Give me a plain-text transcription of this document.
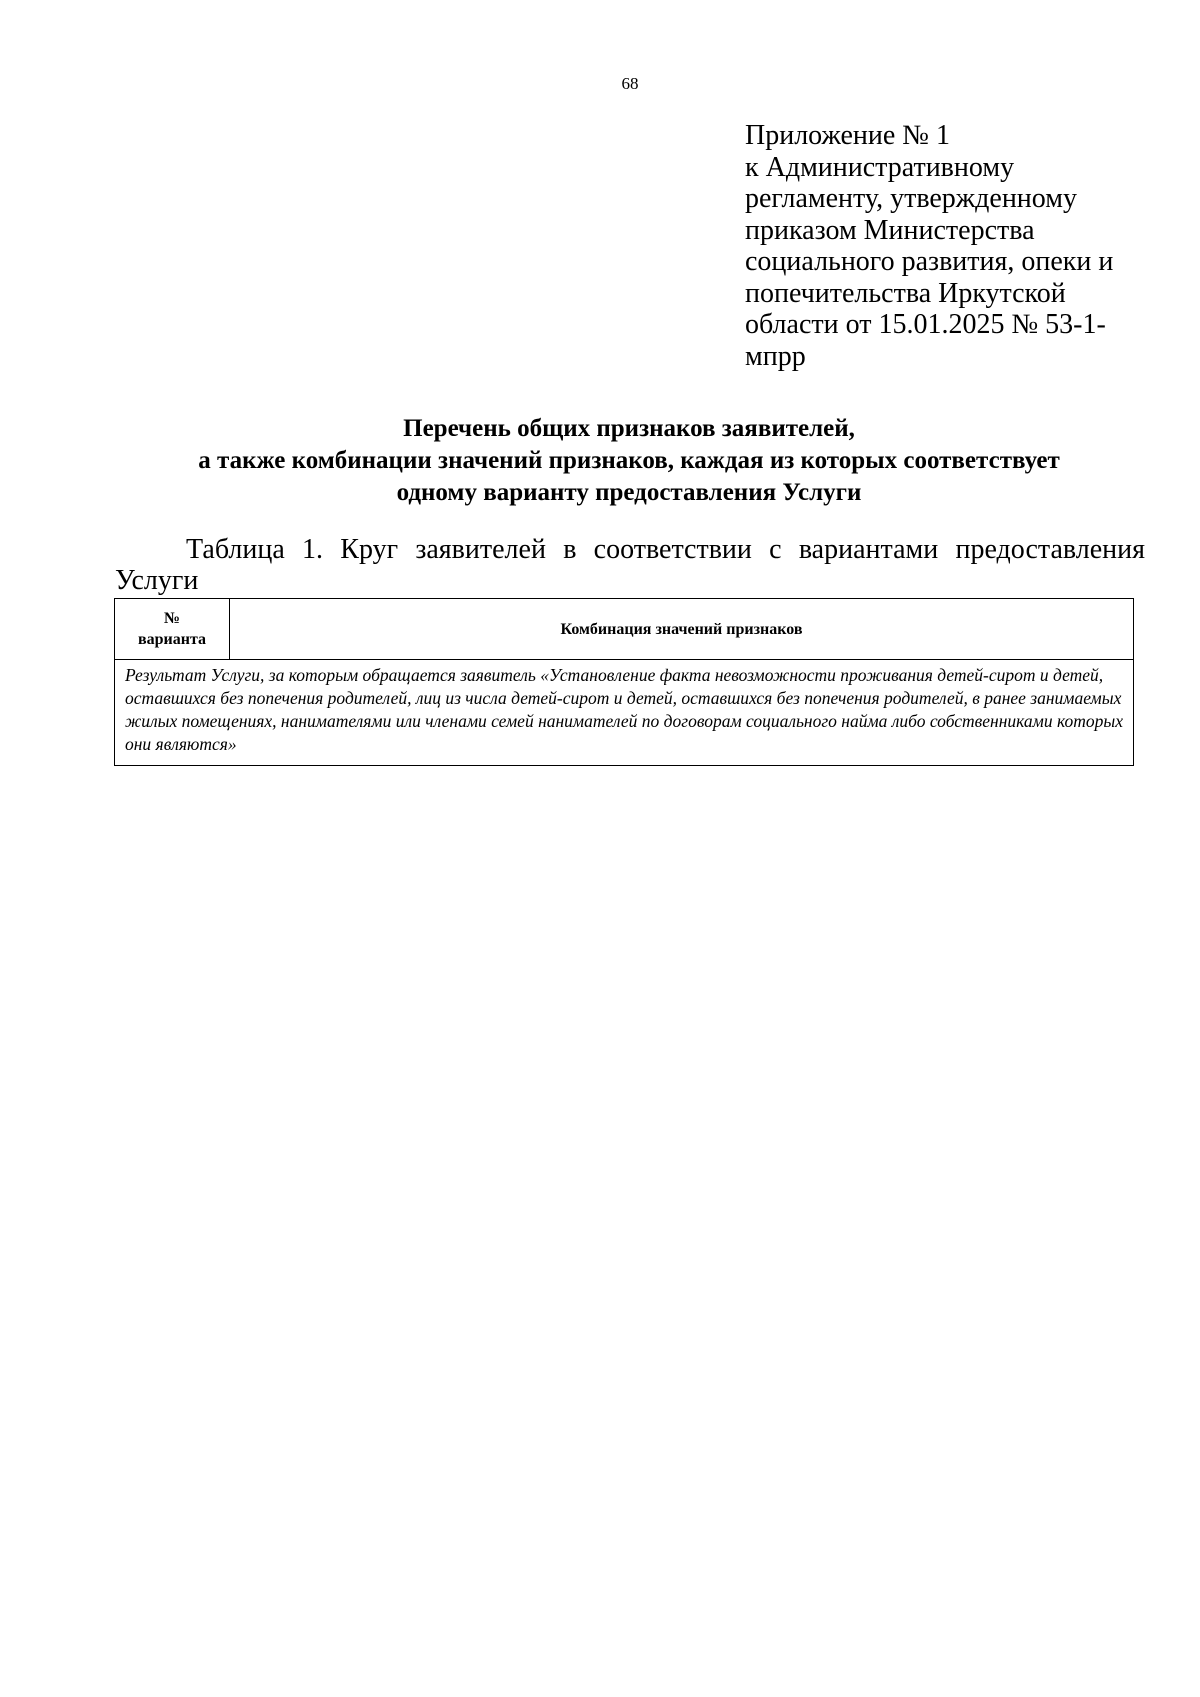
68
Приложение № 1
к Административному
регламенту, утвержденному
приказом Министерства
социального развития, опеки и
попечительства Иркутской
области от 15.01.2025 № 53-1-
мпрр
Перечень общих признаков заявителей,
а также комбинации значений признаков, каждая из которых соответствует
одному варианту предоставления Услуги
Таблица 1. Круг заявителей в соответствии с вариантами предоставления Услуги
№
варианта
	Комбинация значений признаков
Результат Услуги, за которым обращается заявитель «Установление факта невозможности проживания детей-сирот и детей, оставшихся без попечения родителей, лиц из числа детей-сирот и детей, оставшихся без попечения родителей, в ранее занимаемых жилых помещениях, нанимателями или членами семей нанимателей по договорам социального найма либо собственниками которых они являются»
